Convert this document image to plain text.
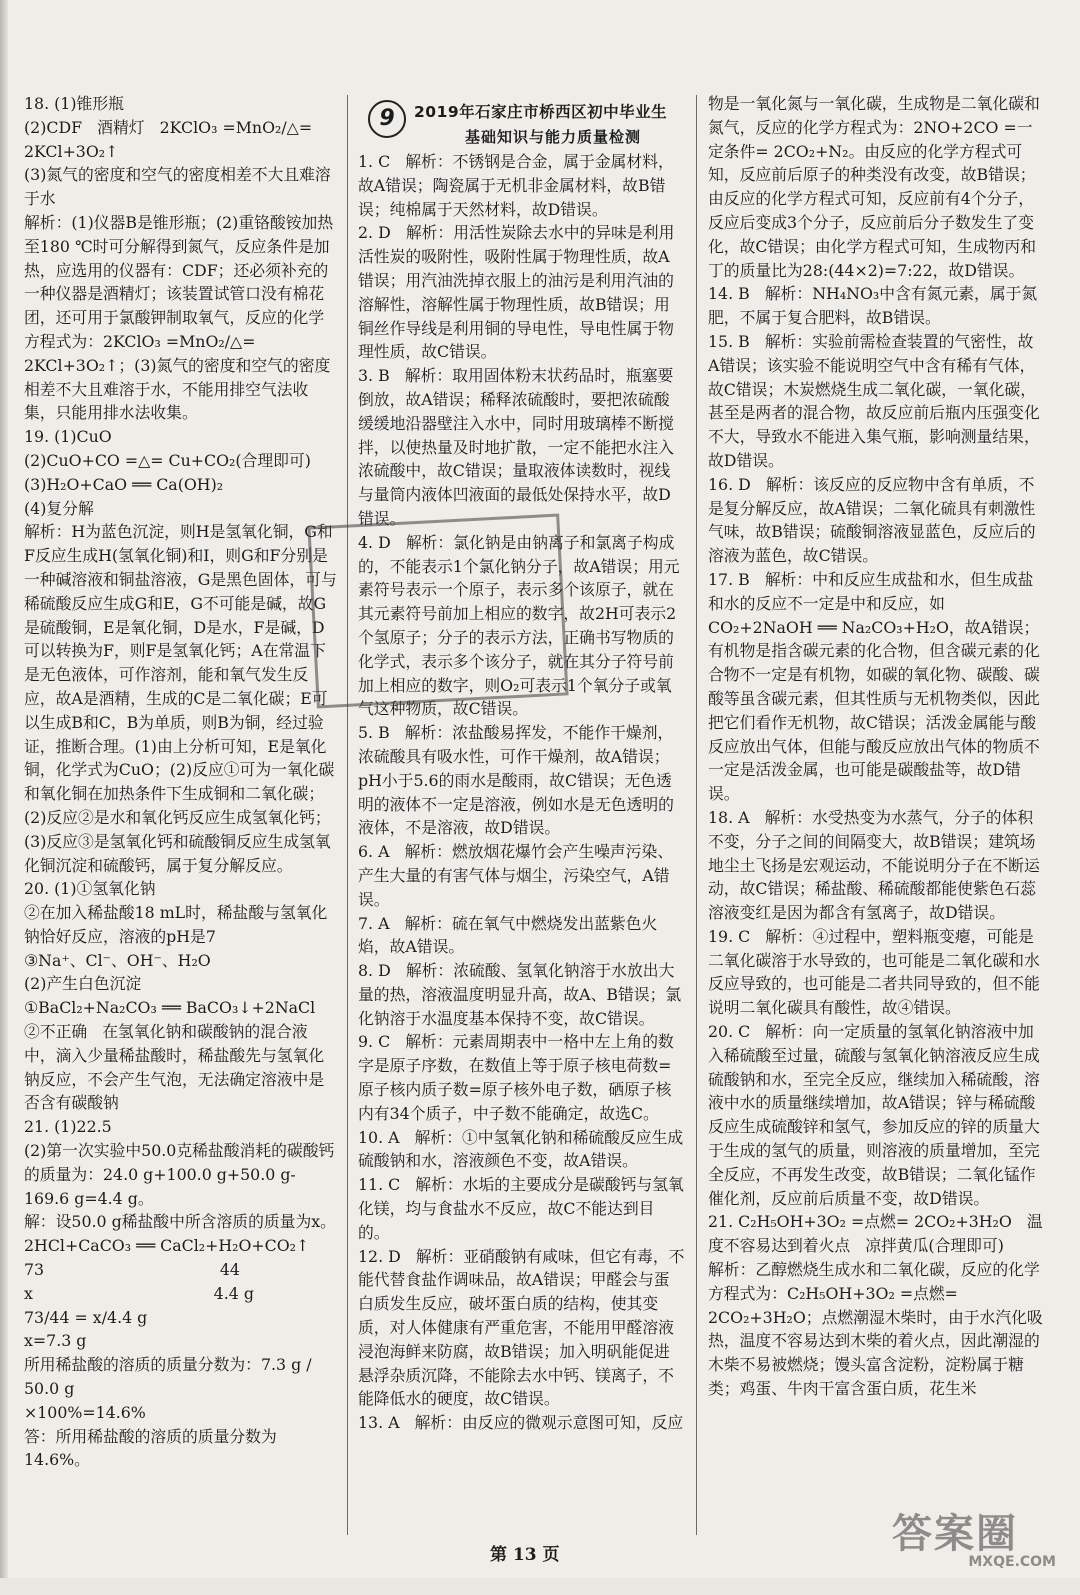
18. (1)锥形瓶

(2)CDF   酒精灯   2KClO₃ =MnO₂/△= 2KCl+3O₂↑

(3)氮气的密度和空气的密度相差不大且难溶于水

解析：(1)仪器B是锥形瓶；(2)重铬酸铵加热至180 ℃时可分解得到氮气，反应条件是加热，应选用的仪器有：CDF；还必须补充的一种仪器是酒精灯；该装置试管口没有棉花团，还可用于氯酸钾制取氧气，反应的化学方程式为：2KClO₃ =MnO₂/△= 2KCl+3O₂↑；(3)氮气的密度和空气的密度相差不大且难溶于水，不能用排空气法收集，只能用排水法收集。

19. (1)CuO

(2)CuO+CO =△= Cu+CO₂(合理即可)

(3)H₂O+CaO ══ Ca(OH)₂

(4)复分解

解析：H为蓝色沉淀，则H是氢氧化铜，G和F反应生成H(氢氧化铜)和I，则G和F分别是一种碱溶液和铜盐溶液，G是黑色固体，可与稀硫酸反应生成G和E，G不可能是碱，故G是硫酸铜，E是氧化铜，D是水，F是碱，D可以转换为F，则F是氢氧化钙；A在常温下是无色液体，可作溶剂，能和氧气发生反应，故A是酒精，生成的C是二氧化碳；E可以生成B和C，B为单质，则B为铜，经过验证，推断合理。(1)由上分析可知，E是氧化铜，化学式为CuO；(2)反应①可为一氧化碳和氧化铜在加热条件下生成铜和二氧化碳；(2)反应②是水和氧化钙反应生成氢氧化钙；(3)反应③是氢氧化钙和硫酸铜反应生成氢氧化铜沉淀和硫酸钙，属于复分解反应。

20. (1)①氢氧化钠

②在加入稀盐酸18 mL时，稀盐酸与氢氧化钠恰好反应，溶液的pH是7

③Na⁺、Cl⁻、OH⁻、H₂O

(2)产生白色沉淀

①BaCl₂+Na₂CO₃ ══ BaCO₃↓+2NaCl

②不正确   在氢氧化钠和碳酸钠的混合液中，滴入少量稀盐酸时，稀盐酸先与氢氧化钠反应，不会产生气泡，无法确定溶液中是否含有碳酸钠

21. (1)22.5

(2)第一次实验中50.0克稀盐酸消耗的碳酸钙的质量为：24.0 g+100.0 g+50.0 g-169.6 g=4.4 g。

解：设50.0 g稀盐酸中所含溶质的质量为x。

2HCl+CaCO₃ ══ CaCl₂+H₂O+CO₂↑

73                                   44

x                                    4.4 g

73/44 = x/4.4 g

x=7.3 g

所用稀盐酸的溶质的质量分数为：7.3 g / 50.0 g

×100%=14.6%

答：所用稀盐酸的溶质的质量分数为14.6%。

9	2019年石家庄市桥西区初中毕业生
基础知识与能力质量检测

1. C   解析：不锈钢是合金，属于金属材料，故A错误；陶瓷属于无机非金属材料，故B错误；纯棉属于天然材料，故D错误。

2. D   解析：用活性炭除去水中的异味是利用活性炭的吸附性，吸附性属于物理性质，故A错误；用汽油洗掉衣服上的油污是利用汽油的溶解性，溶解性属于物理性质，故B错误；用铜丝作导线是利用铜的导电性，导电性属于物理性质，故C错误。

3. B   解析：取用固体粉末状药品时，瓶塞要倒放，故A错误；稀释浓硫酸时，要把浓硫酸缓缓地沿器壁注入水中，同时用玻璃棒不断搅拌，以使热量及时地扩散，一定不能把水注入浓硫酸中，故C错误；量取液体读数时，视线与量筒内液体凹液面的最低处保持水平，故D错误。

4. D   解析：氯化钠是由钠离子和氯离子构成的，不能表示1个氯化钠分子，故A错误；用元素符号表示一个原子，表示多个该原子，就在其元素符号前加上相应的数字，故2H可表示2个氢原子；分子的表示方法，正确书写物质的化学式，表示多个该分子，就在其分子符号前加上相应的数字，则O₂可表示1个氧分子或氧气这种物质，故C错误。

5. B   解析：浓盐酸易挥发，不能作干燥剂，浓硫酸具有吸水性，可作干燥剂，故A错误；pH小于5.6的雨水是酸雨，故C错误；无色透明的液体不一定是溶液，例如水是无色透明的液体，不是溶液，故D错误。

6. A   解析：燃放烟花爆竹会产生噪声污染、产生大量的有害气体与烟尘，污染空气，A错误。

7. A   解析：硫在氧气中燃烧发出蓝紫色火焰，故A错误。

8. D   解析：浓硫酸、氢氧化钠溶于水放出大量的热，溶液温度明显升高，故A、B错误；氯化钠溶于水温度基本保持不变，故C错误。

9. C   解析：元素周期表中一格中左上角的数字是原子序数，在数值上等于原子核电荷数=原子核内质子数=原子核外电子数，硒原子核内有34个质子，中子数不能确定，故选C。

10. A   解析：①中氢氧化钠和稀硫酸反应生成硫酸钠和水，溶液颜色不变，故A错误。

11. C   解析：水垢的主要成分是碳酸钙与氢氧化镁，均与食盐水不反应，故C不能达到目的。

12. D   解析：亚硝酸钠有咸味，但它有毒，不能代替食盐作调味品，故A错误；甲醛会与蛋白质发生反应，破坏蛋白质的结构，使其变质，对人体健康有严重危害，不能用甲醛溶液浸泡海鲜来防腐，故B错误；加入明矾能促进悬浮杂质沉降，不能除去水中钙、镁离子，不能降低水的硬度，故C错误。

13. A   解析：由反应的微观示意图可知，反应

物是一氧化氮与一氧化碳，生成物是二氧化碳和氮气，反应的化学方程式为：2NO+2CO =一定条件= 2CO₂+N₂。由反应的化学方程式可知，反应前后原子的种类没有改变，故B错误；由反应的化学方程式可知，反应前有4个分子，反应后变成3个分子，反应前后分子数发生了变化，故C错误；由化学方程式可知，生成物丙和丁的质量比为28:(44×2)=7:22，故D错误。

14. B   解析：NH₄NO₃中含有氮元素，属于氮肥，不属于复合肥料，故B错误。

15. B   解析：实验前需检查装置的气密性，故A错误；该实验不能说明空气中含有稀有气体，故C错误；木炭燃烧生成二氧化碳，一氧化碳，甚至是两者的混合物，故反应前后瓶内压强变化不大，导致水不能进入集气瓶，影响测量结果，故D错误。

16. D   解析：该反应的反应物中含有单质，不是复分解反应，故A错误；二氧化硫具有刺激性气味，故B错误；硫酸铜溶液显蓝色，反应后的溶液为蓝色，故C错误。

17. B   解析：中和反应生成盐和水，但生成盐和水的反应不一定是中和反应，如CO₂+2NaOH ══ Na₂CO₃+H₂O，故A错误；有机物是指含碳元素的化合物，但含碳元素的化合物不一定是有机物，如碳的氧化物、碳酸、碳酸等虽含碳元素，但其性质与无机物类似，因此把它们看作无机物，故C错误；活泼金属能与酸反应放出气体，但能与酸反应放出气体的物质不一定是活泼金属，也可能是碳酸盐等，故D错误。

18. A   解析：水受热变为水蒸气，分子的体积不变，分子之间的间隔变大，故B错误；建筑场地尘土飞扬是宏观运动，不能说明分子在不断运动，故C错误；稀盐酸、稀硫酸都能使紫色石蕊溶液变红是因为都含有氢离子，故D错误。

19. C   解析：④过程中，塑料瓶变瘪，可能是二氧化碳溶于水导致的，也可能是二氧化碳和水反应导致的，也可能是二者共同导致的，但不能说明二氧化碳具有酸性，故④错误。

20. C   解析：向一定质量的氢氧化钠溶液中加入稀硫酸至过量，硫酸与氢氧化钠溶液反应生成硫酸钠和水，至完全反应，继续加入稀硫酸，溶液中水的质量继续增加，故A错误；锌与稀硫酸反应生成硫酸锌和氢气，参加反应的锌的质量大于生成的氢气的质量，则溶液的质量增加，至完全反应，不再发生改变，故B错误；二氧化锰作催化剂，反应前后质量不变，故D错误。

21. C₂H₅OH+3O₂ =点燃= 2CO₂+3H₂O   温度不容易达到着火点   凉拌黄瓜(合理即可)

解析：乙醇燃烧生成水和二氧化碳，反应的化学方程式为：C₂H₅OH+3O₂ =点燃= 2CO₂+3H₂O；点燃潮湿木柴时，由于水汽化吸热，温度不容易达到木柴的着火点，因此潮湿的木柴不易被燃烧；馒头富含淀粉，淀粉属于糖类；鸡蛋、牛肉干富含蛋白质，花生米

第 13 页	答案圈
MXQE.COM
